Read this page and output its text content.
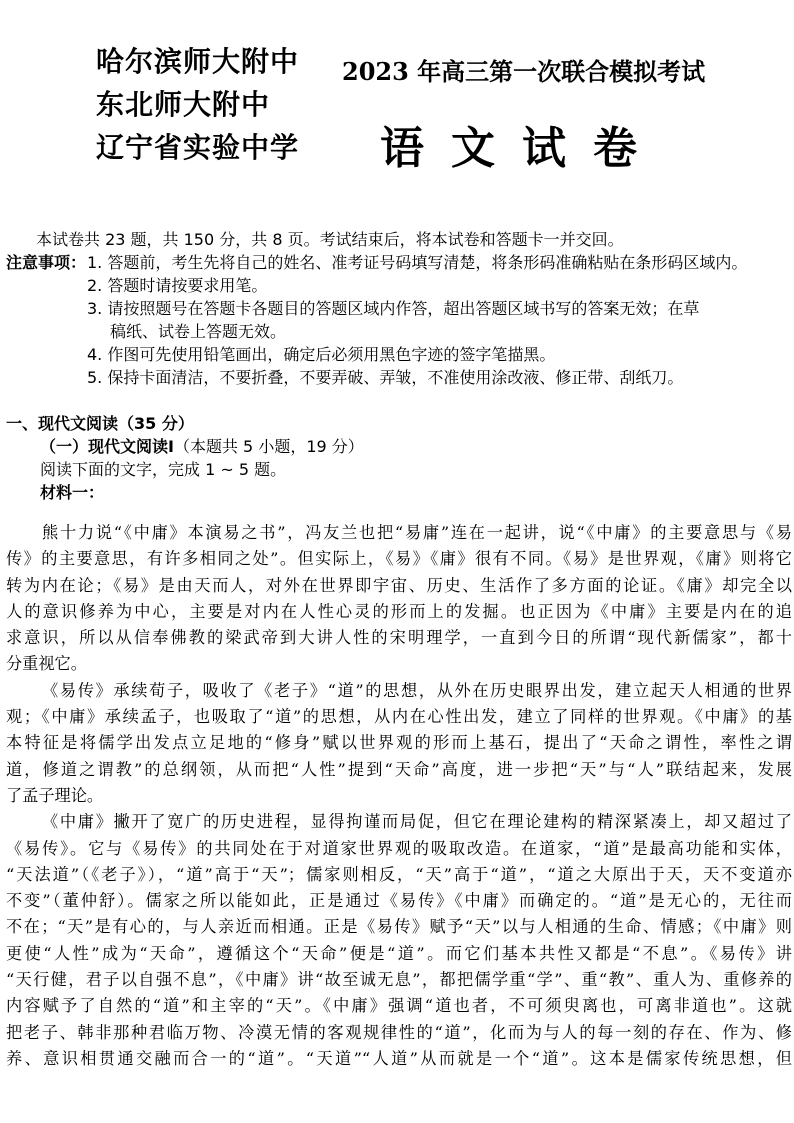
哈尔滨师大附中
东北师大附中
辽宁省实验中学
2023 年高三第一次联合模拟考试
语文试卷
本试卷共 23 题，共 150 分，共 8 页。考试结束后，将本试卷和答题卡一并交回。
注意事项： 1. 答题前，考生先将自己的姓名、准考证号码填写清楚，将条形码准确粘贴在条形码区域内。
2. 答题时请按要求用笔。
3. 请按照题号在答题卡各题目的答题区域内作答，超出答题区域书写的答案无效；在草
稿纸、试卷上答题无效。
4. 作图可先使用铅笔画出，确定后必须用黑色字迹的签字笔描黑。
5. 保持卡面清洁，不要折叠，不要弄破、弄皱，不准使用涂改液、修正带、刮纸刀。
一、现代文阅读（35 分）
（一）现代文阅读Ⅰ（本题共 5 小题，19 分）
阅读下面的文字，完成 1 ~ 5 题。
材料一：
熊十力说“《中庸》本演易之书”，冯友兰也把“易庸”连在一起讲，说“《中庸》的主要意思与《易
传》的主要意思，有许多相同之处”。但实际上，《易》《庸》很有不同。《易》是世界观，《庸》则将它
转为内在论；《易》是由天而人，对外在世界即宇宙、历史、生活作了多方面的论证。《庸》却完全以
人的意识修养为中心，主要是对内在人性心灵的形而上的发掘。也正因为《中庸》主要是内在的追
求意识，所以从信奉佛教的梁武帝到大讲人性的宋明理学，一直到今日的所谓“现代新儒家”，都十
分重视它。
《易传》承续荀子，吸收了《老子》“道”的思想，从外在历史眼界出发，建立起天人相通的世界
观；《中庸》承续孟子，也吸取了“道”的思想，从内在心性出发，建立了同样的世界观。《中庸》的基
本特征是将儒学出发点立足地的“修身”赋以世界观的形而上基石，提出了“天命之谓性，率性之谓
道，修道之谓教”的总纲领，从而把“人性”提到“天命”高度，进一步把“天”与“人”联结起来，发展
了孟子理论。
《中庸》撇开了宽广的历史进程，显得拘谨而局促，但它在理论建构的精深紧凑上，却又超过了
《易传》。它与《易传》的共同处在于对道家世界观的吸取改造。在道家，“道”是最高功能和实体，
“天法道”（《老子》），“道”高于“天”；儒家则相反，“天”高于“道”，“道之大原出于天，天不变道亦
不变”（董仲舒）。儒家之所以能如此，正是通过《易传》《中庸》而确定的。“道”是无心的，无往而
不在；“天”是有心的，与人亲近而相通。正是《易传》赋予“天”以与人相通的生命、情感；《中庸》则
更使“人性”成为“天命”，遵循这个“天命”便是“道”。而它们基本共性又都是“不息”。《易传》讲
“天行健，君子以自强不息”，《中庸》讲“故至诚无息”，都把儒学重“学”、重“教”、重人为、重修养的
内容赋予了自然的“道”和主宰的“天”。《中庸》强调“道也者，不可须臾离也，可离非道也”。这就
把老子、韩非那种君临万物、冷漠无情的客观规律性的“道”，化而为与人的每一刻的存在、作为、修
养、意识相贯通交融而合一的“道”。“天道”“人道”从而就是一个“道”。这本是儒家传统思想，但
